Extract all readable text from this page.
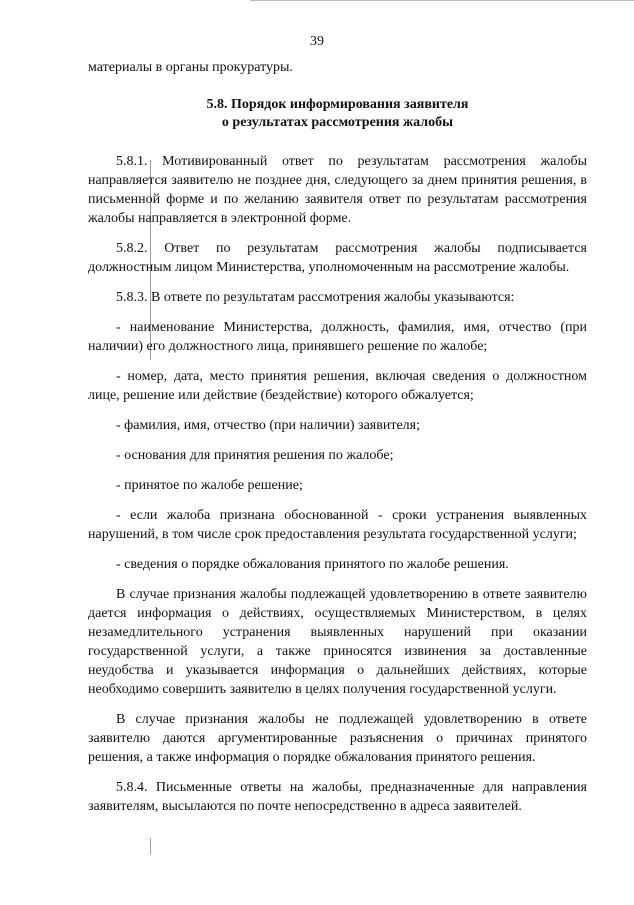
39

материалы в органы прокуратуры.

5.8. Порядок информирования заявителя
о результатах рассмотрения жалобы

5.8.1. Мотивированный ответ по результатам рассмотрения жалобы направляется заявителю не позднее дня, следующего за днем принятия решения, в письменной форме и по желанию заявителя ответ по результатам рассмотрения жалобы направляется в электронной форме.

5.8.2. Ответ по результатам рассмотрения жалобы подписывается должностным лицом Министерства, уполномоченным на рассмотрение жалобы.

5.8.3. В ответе по результатам рассмотрения жалобы указываются:

- наименование Министерства, должность, фамилия, имя, отчество (при наличии) его должностного лица, принявшего решение по жалобе;

- номер, дата, место принятия решения, включая сведения о должностном лице, решение или действие (бездействие) которого обжалуется;

- фамилия, имя, отчество (при наличии) заявителя;

- основания для принятия решения по жалобе;

- принятое по жалобе решение;

- если жалоба признана обоснованной - сроки устранения выявленных нарушений, в том числе срок предоставления результата государственной услуги;

- сведения о порядке обжалования принятого по жалобе решения.

В случае признания жалобы подлежащей удовлетворению в ответе заявителю дается информация о действиях, осуществляемых Министерством, в целях незамедлительного устранения выявленных нарушений при оказании государственной услуги, а также приносятся извинения за доставленные неудобства и указывается информация о дальнейших действиях, которые необходимо совершить заявителю в целях получения государственной услуги.

В случае признания жалобы не подлежащей удовлетворению в ответе заявителю даются аргументированные разъяснения о причинах принятого решения, а также информация о порядке обжалования принятого решения.

5.8.4. Письменные ответы на жалобы, предназначенные для направления заявителям, высылаются по почте непосредственно в адреса заявителей.
